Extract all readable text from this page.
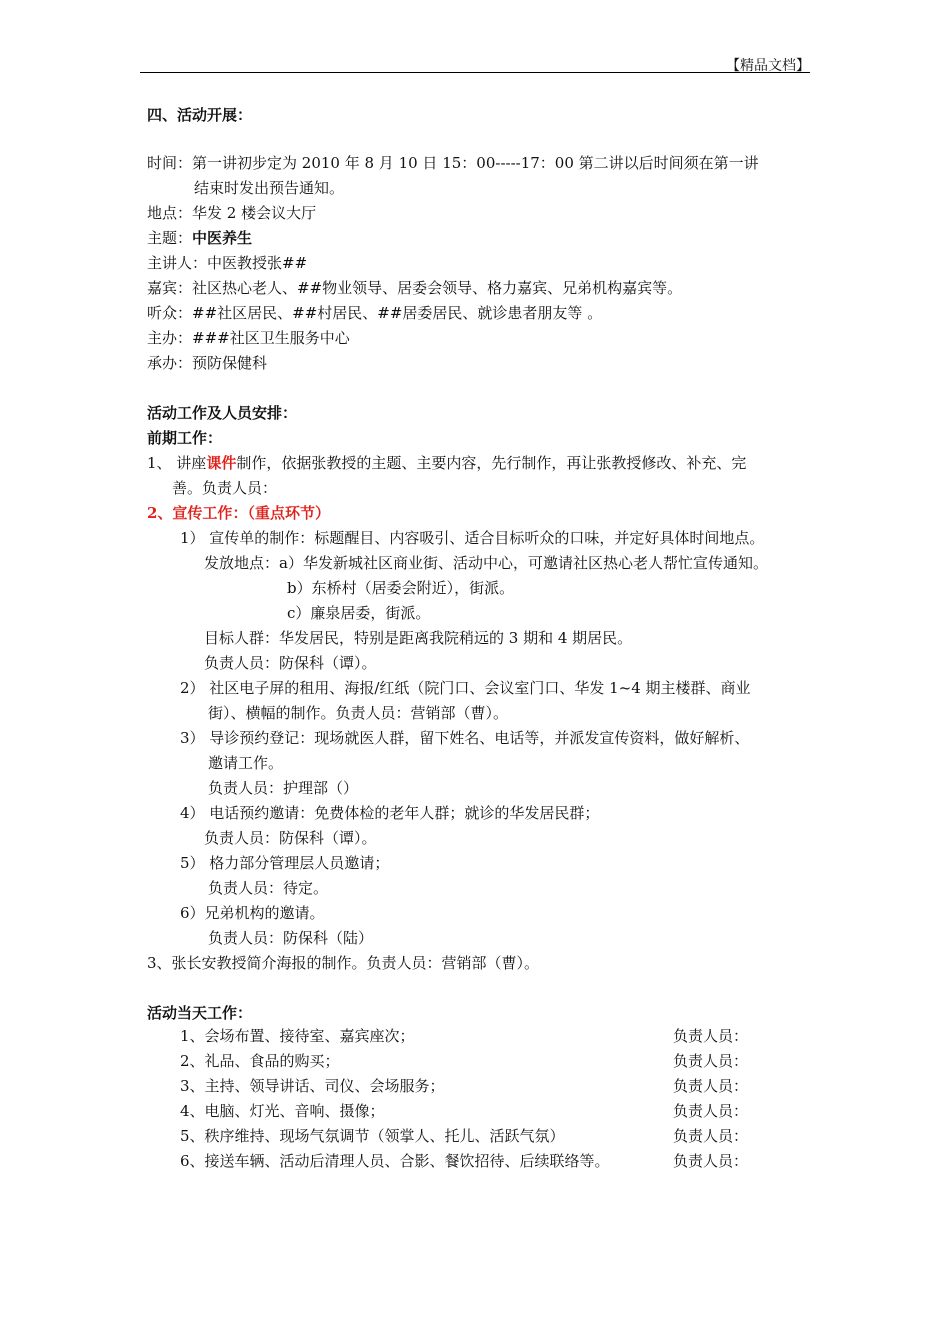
【精品文档】
四、活动开展：
时间：第一讲初步定为 2010 年 8 月 10 日 15：00-----17：00 第二讲以后时间须在第一讲
结束时发出预告通知。
地点：华发 2 楼会议大厅
主题：中医养生
主讲人：中医教授张##
嘉宾：社区热心老人、##物业领导、居委会领导、格力嘉宾、兄弟机构嘉宾等。
听众：##社区居民、##村居民、##居委居民、就诊患者朋友等 。
主办：###社区卫生服务中心
承办：预防保健科
活动工作及人员安排：
前期工作：
1、 讲座课件制作，依据张教授的主题、主要内容，先行制作，再让张教授修改、补充、完
善。负责人员：
2、宣传工作：（重点环节）
1） 宣传单的制作：标题醒目、内容吸引、适合目标听众的口味，并定好具体时间地点。
发放地点：a）华发新城社区商业街、活动中心，可邀请社区热心老人帮忙宣传通知。
b）东桥村（居委会附近），街派。
c）廉泉居委，街派。
目标人群：华发居民，特别是距离我院稍远的 3 期和 4 期居民。
负责人员：防保科（谭）。
2） 社区电子屏的租用、海报/红纸（院门口、会议室门口、华发 1~4 期主楼群、商业
街）、横幅的制作。负责人员：营销部（曹）。
3） 导诊预约登记：现场就医人群，留下姓名、电话等，并派发宣传资料，做好解析、
邀请工作。
负责人员：护理部（）
4） 电话预约邀请：免费体检的老年人群；就诊的华发居民群；
负责人员：防保科（谭）。
5） 格力部分管理层人员邀请；
负责人员：待定。
6）兄弟机构的邀请。
负责人员：防保科（陆）
3、张长安教授简介海报的制作。负责人员：营销部（曹）。
活动当天工作：
1、会场布置、接待室、嘉宾座次；	负责人员：
2、礼品、食品的购买；	负责人员：
3、主持、领导讲话、司仪、会场服务；	负责人员：
4、电脑、灯光、音响、摄像；	负责人员：
5、秩序维持、现场气氛调节（领掌人、托儿、活跃气氛）	负责人员：
6、接送车辆、活动后清理人员、合影、餐饮招待、后续联络等。	负责人员：
